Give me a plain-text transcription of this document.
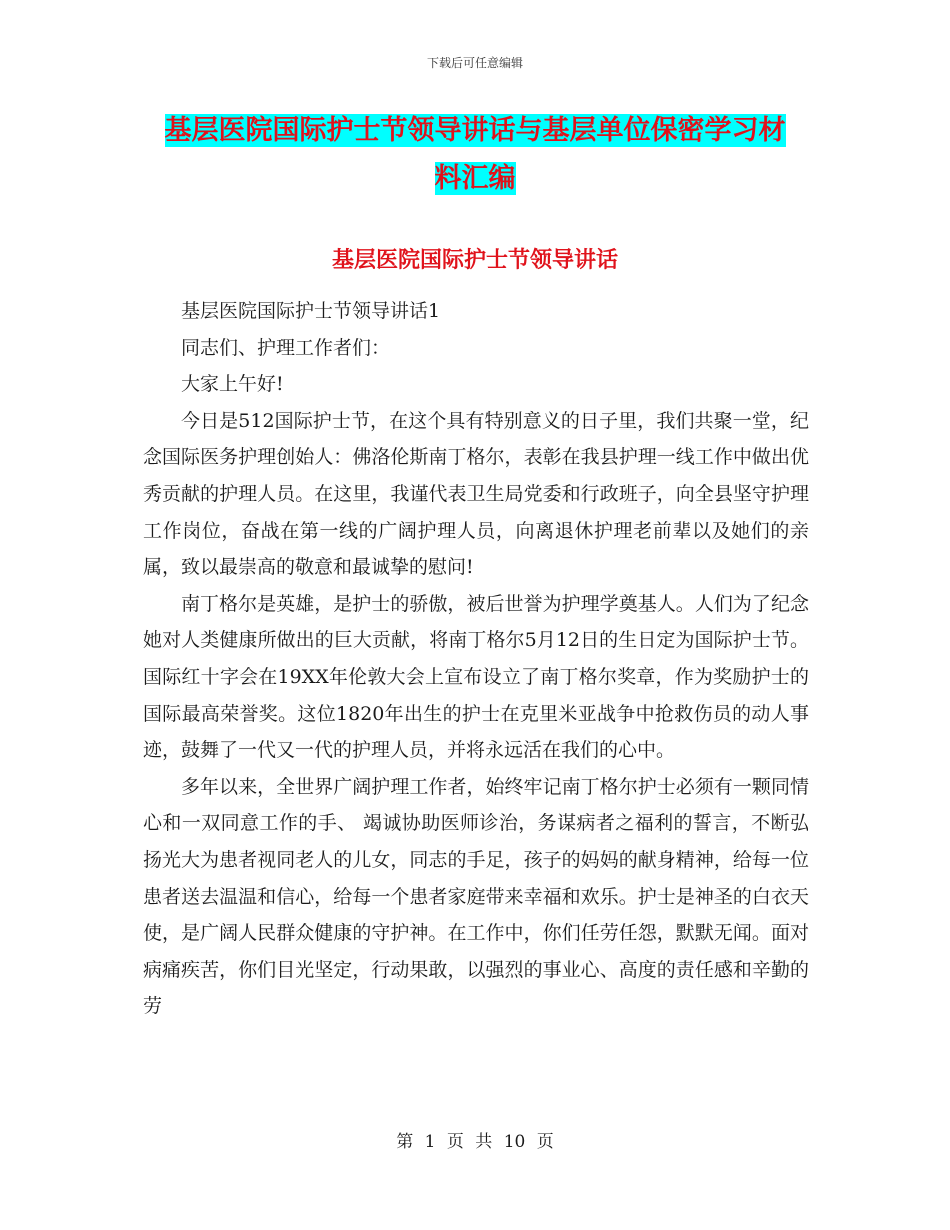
下载后可任意编辑
基层医院国际护士节领导讲话与基层单位保密学习材
料汇编
基层医院国际护士节领导讲话

基层医院国际护士节领导讲话1

同志们、护理工作者们：

大家上午好!

今日是512国际护士节，在这个具有特别意义的日子里，我们共聚一堂，纪念国际医务护理创始人：佛洛伦斯南丁格尔，表彰在我县护理一线工作中做出优秀贡献的护理人员。在这里，我谨代表卫生局党委和行政班子，向全县坚守护理工作岗位，奋战在第一线的广阔护理人员，向离退休护理老前辈以及她们的亲属，致以最崇高的敬意和最诚挚的慰问!

南丁格尔是英雄，是护士的骄傲，被后世誉为护理学奠基人。人们为了纪念她对人类健康所做出的巨大贡献，将南丁格尔5月12日的生日定为国际护士节。国际红十字会在19XX年伦敦大会上宣布设立了南丁格尔奖章，作为奖励护士的国际最高荣誉奖。这位1820年出生的护士在克里米亚战争中抢救伤员的动人事迹，鼓舞了一代又一代的护理人员，并将永远活在我们的心中。

多年以来，全世界广阔护理工作者，始终牢记南丁格尔护士必须有一颗同情心和一双同意工作的手、 竭诚协助医师诊治，务谋病者之福利的誓言，不断弘扬光大为患者视同老人的儿女，同志的手足，孩子的妈妈的献身精神，给每一位患者送去温温和信心，给每一个患者家庭带来幸福和欢乐。护士是神圣的白衣天使，是广阔人民群众健康的守护神。在工作中，你们任劳任怨，默默无闻。面对病痛疾苦，你们目光坚定，行动果敢，以强烈的事业心、高度的责任感和辛勤的劳

第 1 页 共 10 页
